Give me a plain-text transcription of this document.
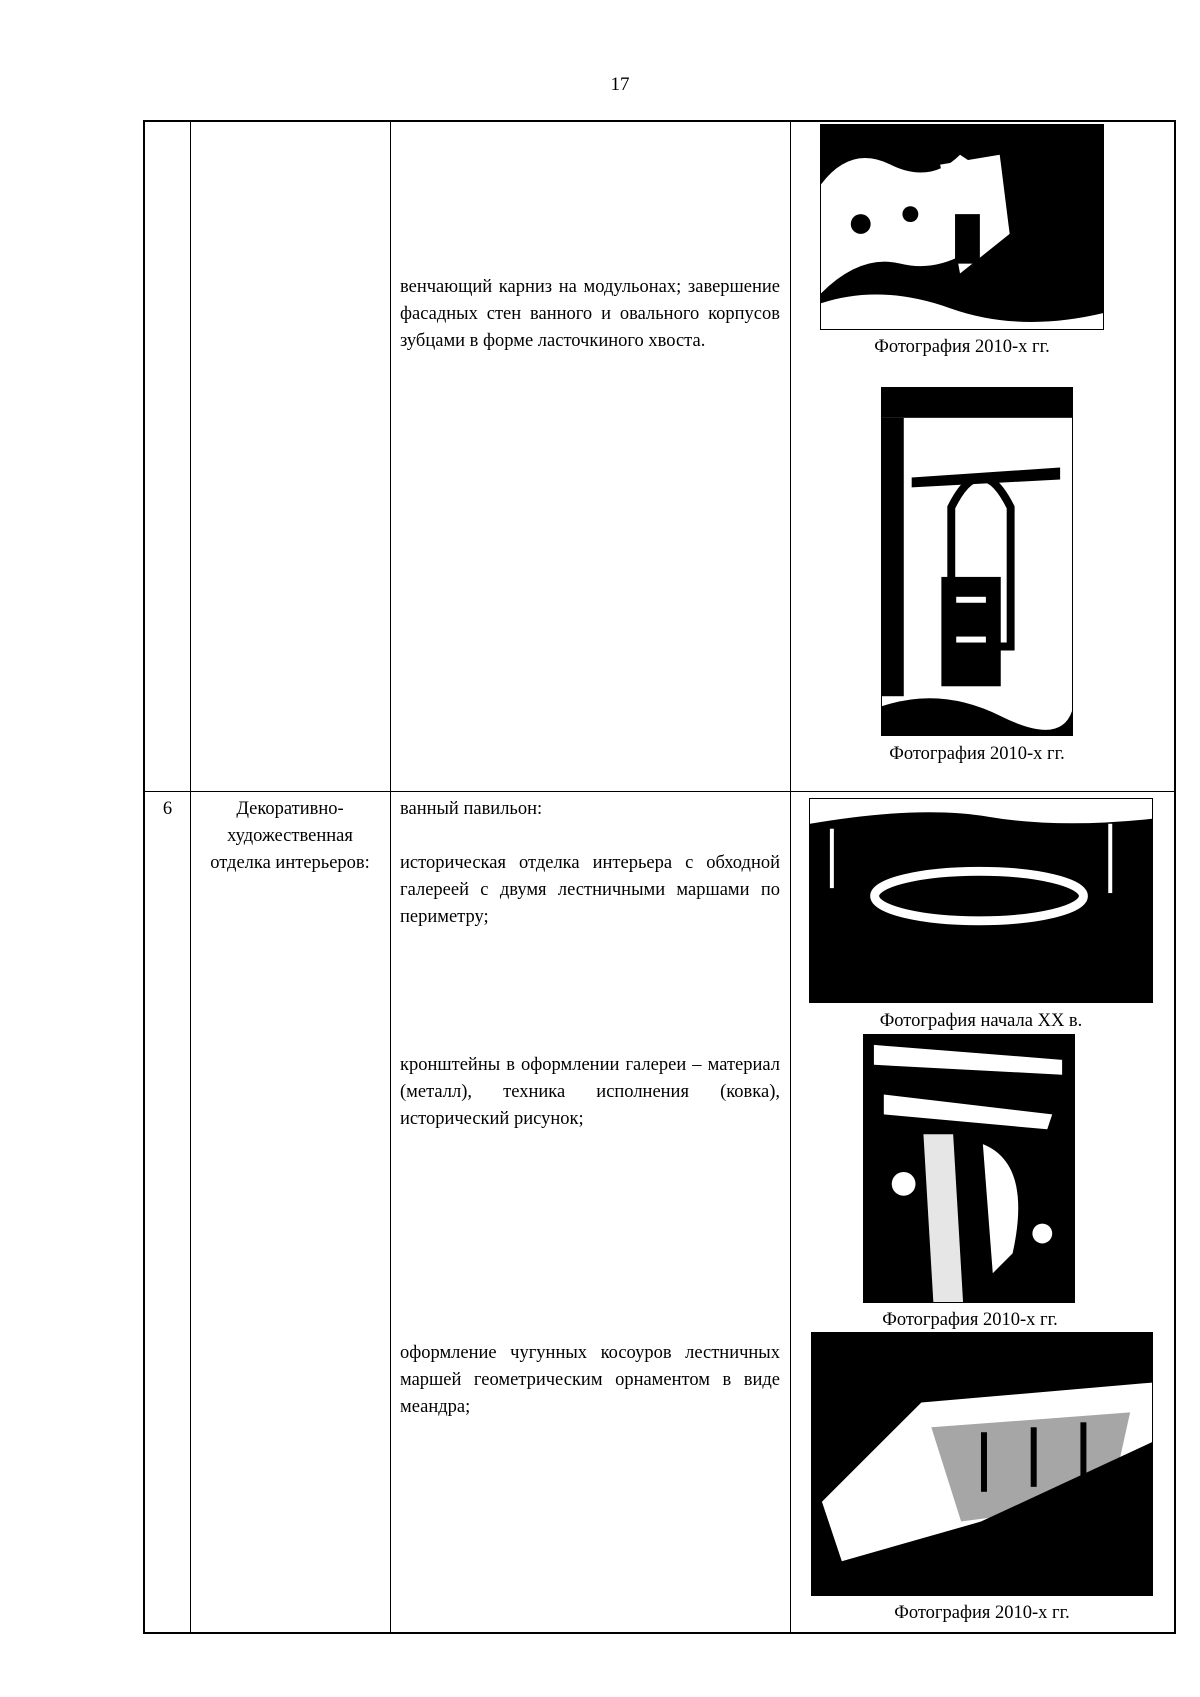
17
венчающий карниз на модульонах; завершение фасадных стен ванного и овального корпусов зубцами в форме ласточкиного хвоста.	Фотография 2010-х гг.
Фотография 2010-х гг.
6	Декоративно-художественная отделка интерьеров:
ванный павильон:
историческая отделка интерьера с обходной галереей с двумя лестничными маршами по периметру;
кронштейны в оформлении галереи – материал (металл), техника исполнения (ковка), исторический рисунок;
оформление чугунных косоуров лестничных маршей геометрическим орнаментом в виде меандра;
Фотография начала XX в.
Фотография 2010-х гг.
Фотография 2010-х гг.
